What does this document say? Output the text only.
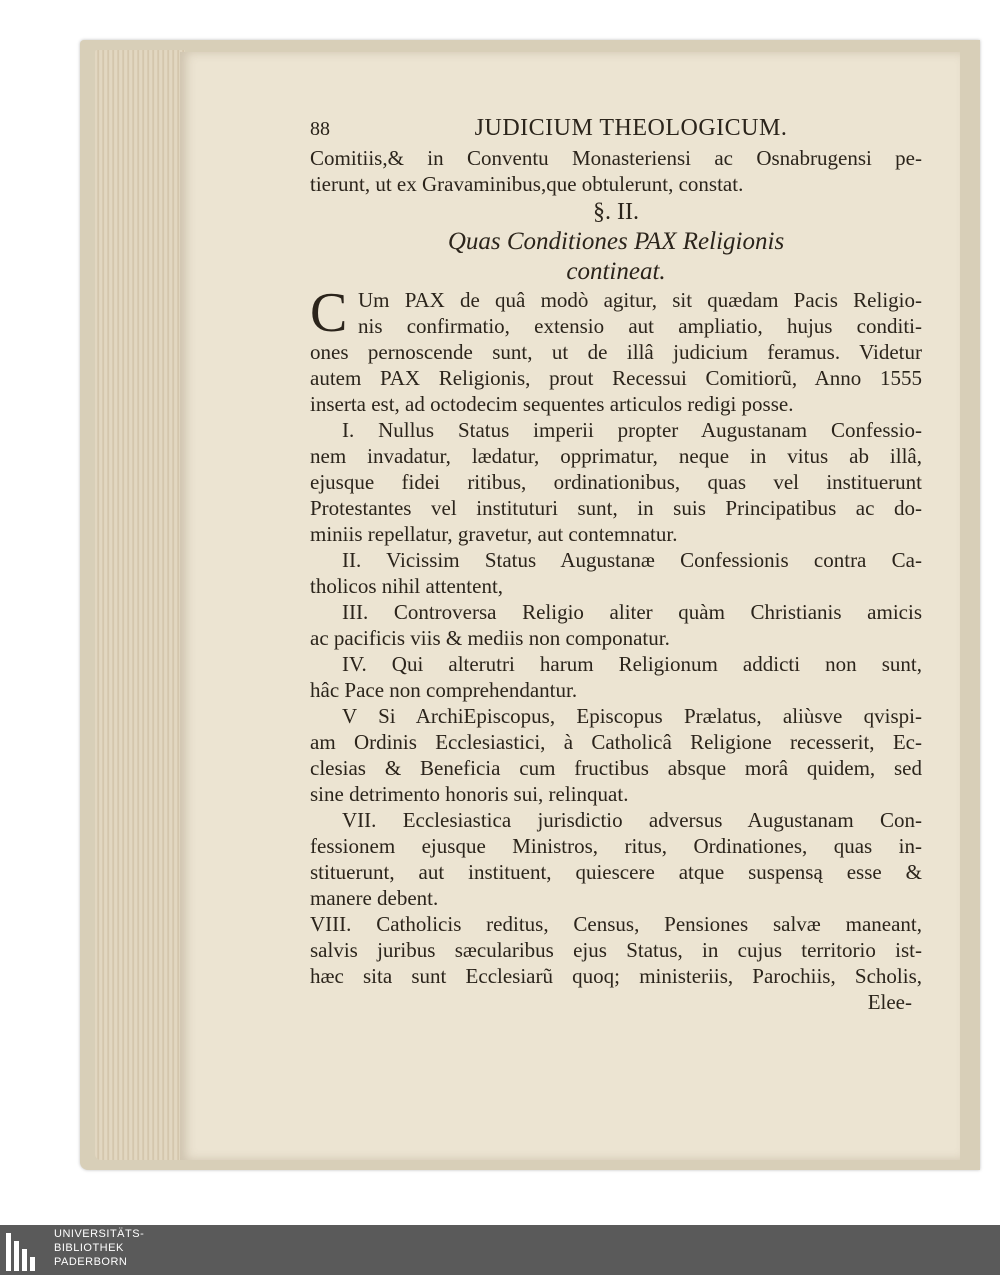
88	JUDICIUM THEOLOGICUM.
Comitiis,& in Conventu Monasteriensi ac Osnabrugensi pe-
tierunt, ut ex Gravaminibus,que obtulerunt, constat.
§. II.
Quas Conditiones PAX Religionis
contineat.
C Um PAX de quâ modò agitur, sit quædam Pacis Religio-
nis confirmatio, extensio aut ampliatio, hujus conditi-
ones pernoscende sunt, ut de illâ judicium feramus. Videtur
autem PAX Religionis, prout Recessui Comitiorũ, Anno 1555
inserta est, ad octodecim sequentes articulos redigi posse.
I. Nullus Status imperii propter Augustanam Confessio-
nem invadatur, lædatur, opprimatur, neque in vitus ab illâ,
ejusque fidei ritibus, ordinationibus, quas vel instituerunt
Protestantes vel instituturi sunt, in suis Principatibus ac do-
miniis repellatur, gravetur, aut contemnatur.
II. Vicissim Status Augustanæ Confessionis contra Ca-
tholicos nihil attentent,
III. Controversa Religio aliter quàm Christianis amicis
ac pacificis viis & mediis non componatur.
IV. Qui alterutri harum Religionum addicti non sunt,
hâc Pace non comprehendantur.
V Si ArchiEpiscopus, Episcopus Prælatus, aliùsve qvispi-
am Ordinis Ecclesiastici, à Catholicâ Religione recesserit, Ec-
clesias & Beneficia cum fructibus absque morâ quidem, sed
sine detrimento honoris sui, relinquat.
VII. Ecclesiastica jurisdictio adversus Augustanam Con-
fessionem ejusque Ministros, ritus, Ordinationes, quas in-
stituerunt, aut instituent, quiescere atque suspensą esse &
manere debent.
VIII. Catholicis reditus, Census, Pensiones salvæ maneant,
salvis juribus sæcularibus ejus Status, in cujus territorio ist-
hæc sita sunt Ecclesiarũ quoq; ministeriis, Parochiis, Scholis,
Elee-
UNIVERSITÄTS-
BIBLIOTHEK
PADERBORN
